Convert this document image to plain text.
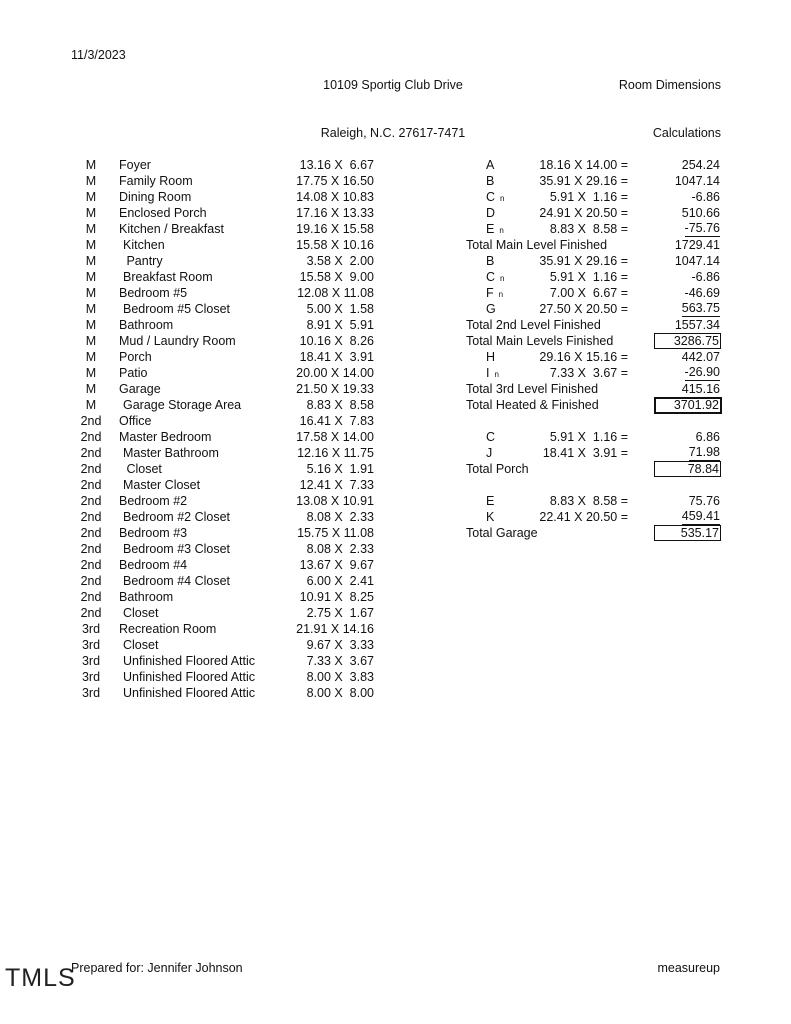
11/3/2023

10109 Sportig Club Drive

Raleigh, N.C. 27617-7471

Room Dimensions

Calculations

M	Foyer	13.16 X  6.67
M	Family Room	17.75 X 16.50
M	Dining Room	14.08 X 10.83
M	Enclosed Porch	17.16 X 13.33
M	Kitchen / Breakfast	19.16 X 15.58
M	Kitchen	15.58 X 10.16
M	Pantry	3.58 X  2.00
M	Breakfast Room	15.58 X  9.00
M	Bedroom #5	12.08 X 11.08
M	Bedroom #5 Closet	5.00 X  1.58
M	Bathroom	8.91 X  5.91
M	Mud / Laundry Room	10.16 X  8.26
M	Porch	18.41 X  3.91
M	Patio	20.00 X 14.00
M	Garage	21.50 X 19.33
M	Garage Storage Area	8.83 X  8.58
2nd	Office	16.41 X  7.83
2nd	Master Bedroom	17.58 X 14.00
2nd	Master Bathroom	12.16 X 11.75
2nd	Closet	5.16 X  1.91
2nd	Master Closet	12.41 X  7.33
2nd	Bedroom #2	13.08 X 10.91
2nd	Bedroom #2 Closet	8.08 X  2.33
2nd	Bedroom #3	15.75 X 11.08
2nd	Bedroom #3 Closet	8.08 X  2.33
2nd	Bedroom #4	13.67 X  9.67
2nd	Bedroom #4 Closet	6.00 X  2.41
2nd	Bathroom	10.91 X  8.25
2nd	Closet	2.75 X  1.67
3rd	Recreation Room	21.91 X 14.16
3rd	Closet	9.67 X  3.33
3rd	Unfinished Floored Attic	7.33 X  3.67
3rd	Unfinished Floored Attic	8.00 X  3.83
3rd	Unfinished Floored Attic	8.00 X  8.00
A	18.16 X 14.00 =	254.24
B	35.91 X 29.16 =	1047.14
Cn	5.91 X  1.16 =	-6.86
D	24.91 X 20.50 =	510.66
En	8.83 X  8.58 =	-75.76
Total Main Level Finished	1729.41
B	35.91 X 29.16 =	1047.14
Cn	5.91 X  1.16 =	-6.86
Fn	7.00 X  6.67 =	-46.69
G	27.50 X 20.50 =	563.75
Total 2nd Level Finished	1557.34
Total Main Levels Finished	3286.75
H	29.16 X 15.16 =	442.07
In	7.33 X  3.67 =	-26.90
Total 3rd Level Finished	415.16
Total Heated & Finished	3701.92
C	5.91 X  1.16 =	6.86
J	18.41 X  3.91 =	71.98
Total Porch	78.84
E	8.83 X  8.58 =	75.76
K	22.41 X 20.50 =	459.41
Total Garage	535.17
TMLS
Prepared for: Jennifer Johnson	measureup
